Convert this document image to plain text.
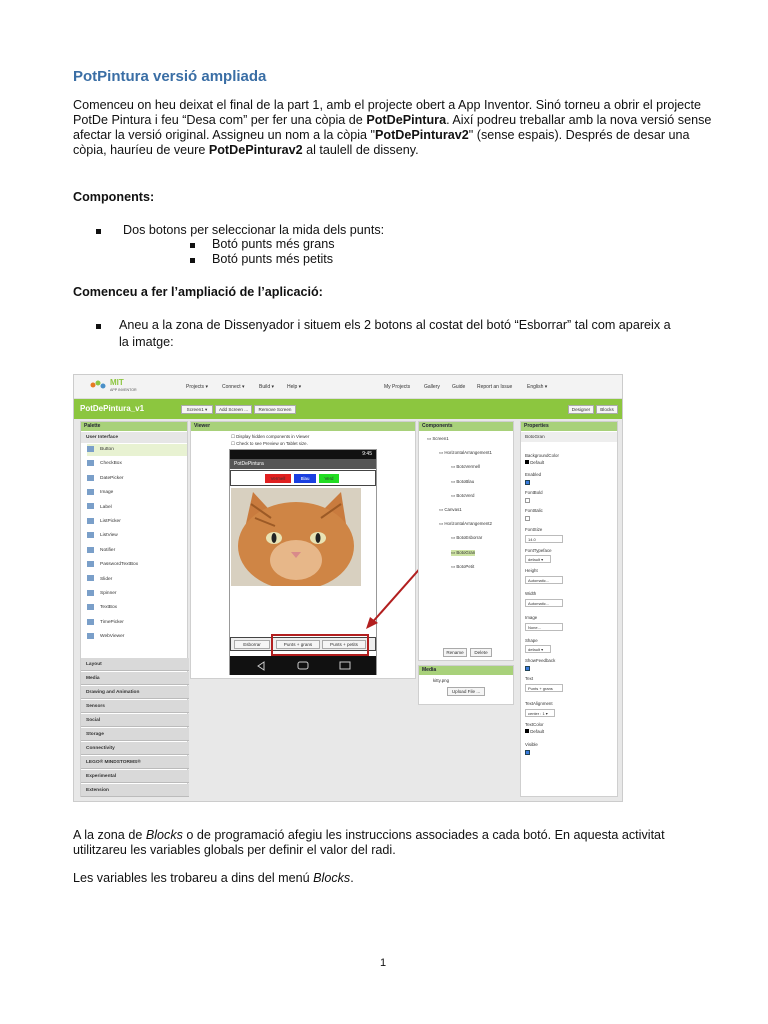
PotPintura versió ampliada
Comenceu on heu deixat el final de la part 1, amb el projecte obert a App Inventor. Sinó torneu a obrir el projecte PotDe Pintura i feu “Desa com” per fer una còpia de PotDePintura. Així podreu treballar amb la nova versió sense afectar la versió original. Assigneu un nom a la còpia "PotDePinturav2" (sense espais). Després de desar una còpia, hauríeu de veure PotDePinturav2 al taulell de disseny.
Components:
Dos botons per seleccionar la mida dels punts:
Botó punts més grans
Botó punts més petits
Comenceu a fer l’ampliació de l’aplicació:
Aneu a la zona de Dissenyador i situem els 2 botons al costat del botó “Esborrar” tal com apareix a
la imatge:
MIT
APP INVENTOR	Projects ▾	Connect ▾	Build ▾	Help ▾	My Projects	Gallery Guide Report an Issue	English ▾
PotDePintura_v1	Screen1 ▾	Add Screen ...	Remove Screen	Designer	Blocks
Palette
User Interface
Button
CheckBox
DatePicker
Image
Label
ListPicker
ListView
Notifier
PasswordTextBox
Slider
Spinner
TextBox
TimePicker
WebViewer
Layout
Media
Drawing and Animation
Sensors
Social
Storage
Connectivity
LEGO® MINDSTORMS®
Experimental
Extension
Viewer
☐ Display hidden components in Viewer
☐ Check to see Preview on Tablet size.
9:45
PotDePintura
Vermell	Blau	Verd
Esborrar	Punts + grans	Punts + petits
Components
▭ Screen1
▭ HorizontalArrangement1
▭ BotoVermell
▭ BotoBlau
▭ BotoVerd
▭ Canvas1
▭ HorizontalArrangement2
▭ BotoEsborrar
▭ BotoGran
▭ BotoPetit
Rename	Delete
Media
kitty.png
Upload File ...
Properties
BotoGran
BackgroundColor
Default
Enabled
FontBold
FontItalic
FontSize
14.0
FontTypeface
default ▾
Height
Automatic...
Width
Automatic...
Image
None...
Shape
default ▾
ShowFeedback
Text
Punts + grans
TextAlignment
center : 1 ▾
TextColor
Default
Visible
A la zona de Blocks o de programació afegiu les instruccions associades a cada botó. En aquesta activitat
utilitzareu les variables globals per definir el valor del radi.
Les variables les trobareu a dins del menú Blocks.
1
